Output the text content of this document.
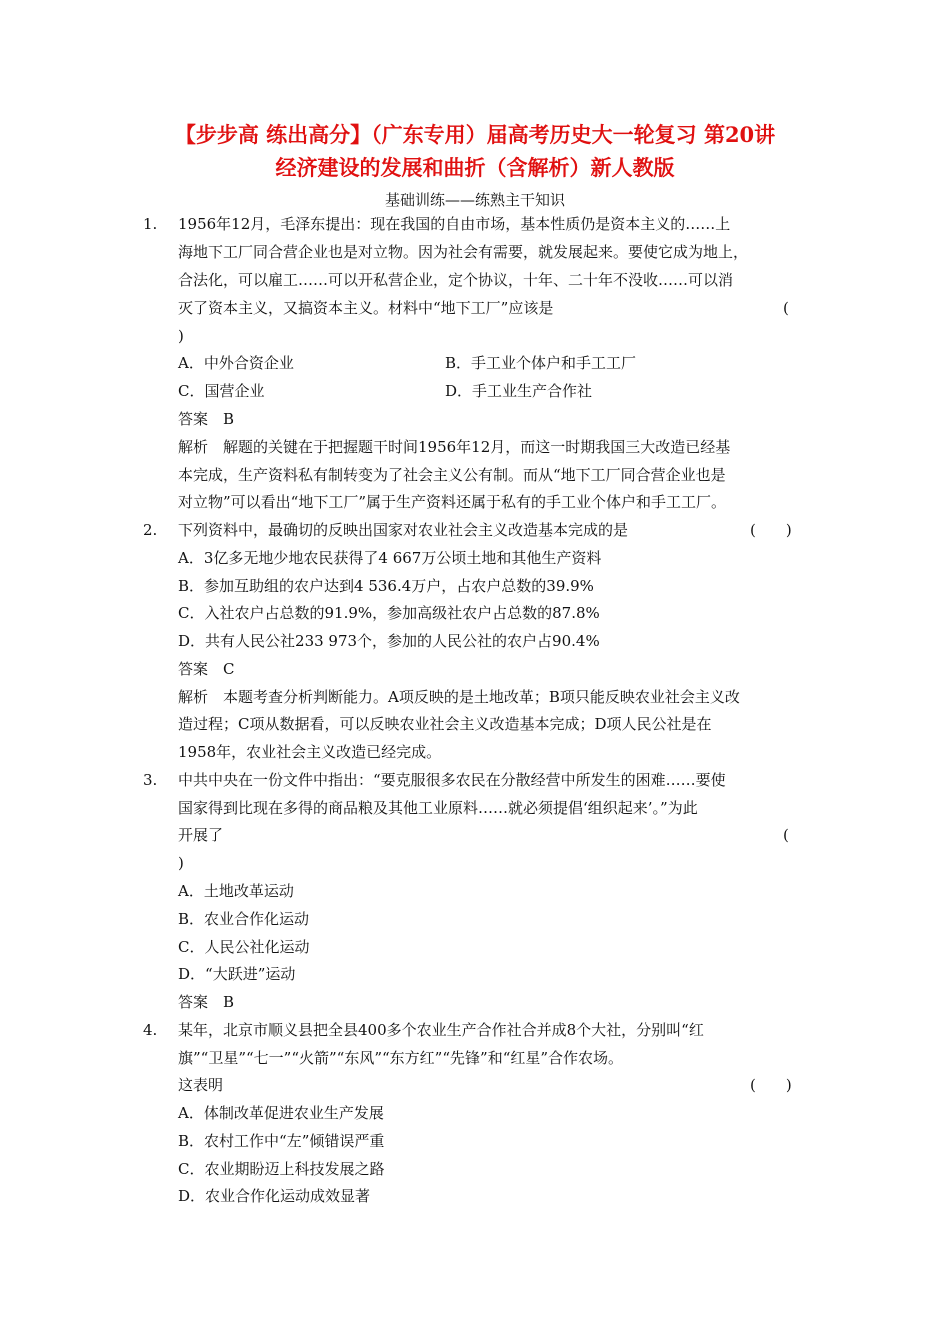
【步步高 练出高分】（广东专用）届高考历史大一轮复习 第20讲
经济建设的发展和曲折（含解析）新人教版
基础训练——练熟主干知识
1. 1956年12月，毛泽东提出：现在我国的自由市场，基本性质仍是资本主义的……上
海地下工厂同合营企业也是对立物。因为社会有需要，就发展起来。要使它成为地上，
合法化，可以雇工……可以开私营企业，定个协议，十年、二十年不没收……可以消
灭了资本主义，又搞资本主义。材料中“地下工厂”应该是	(
)
A．中外合资企业	B．手工业个体户和手工工厂
C．国营企业	D．手工业生产合作社
答案　B
解析　解题的关键在于把握题干时间1956年12月，而这一时期我国三大改造已经基
本完成，生产资料私有制转变为了社会主义公有制。而从“地下工厂同合营企业也是
对立物”可以看出“地下工厂”属于生产资料还属于私有的手工业个体户和手工工厂。
2. 下列资料中，最确切的反映出国家对农业社会主义改造基本完成的是	(　　)
A．3亿多无地少地农民获得了4 667万公顷土地和其他生产资料
B．参加互助组的农户达到4 536.4万户，占农户总数的39.9%
C．入社农户占总数的91.9%，参加高级社农户占总数的87.8%
D．共有人民公社233 973个，参加的人民公社的农户占90.4%
答案　C
解析　本题考查分析判断能力。A项反映的是土地改革；B项只能反映农业社会主义改
造过程；C项从数据看，可以反映农业社会主义改造基本完成；D项人民公社是在
1958年，农业社会主义改造已经完成。
3. 中共中央在一份文件中指出：“要克服很多农民在分散经营中所发生的困难……要使
国家得到比现在多得的商品粮及其他工业原料……就必须提倡‘组织起来’。”为此
开展了	(
)
A．土地改革运动
B．农业合作化运动
C．人民公社化运动
D．“大跃进”运动
答案　B
4. 某年，北京市顺义县把全县400多个农业生产合作社合并成8个大社，分别叫“红
旗”“卫星”“七一”“火箭”“东风”“东方红”“先锋”和“红星”合作农场。
这表明	(　　)
A．体制改革促进农业生产发展
B．农村工作中“左”倾错误严重
C．农业期盼迈上科技发展之路
D．农业合作化运动成效显著
